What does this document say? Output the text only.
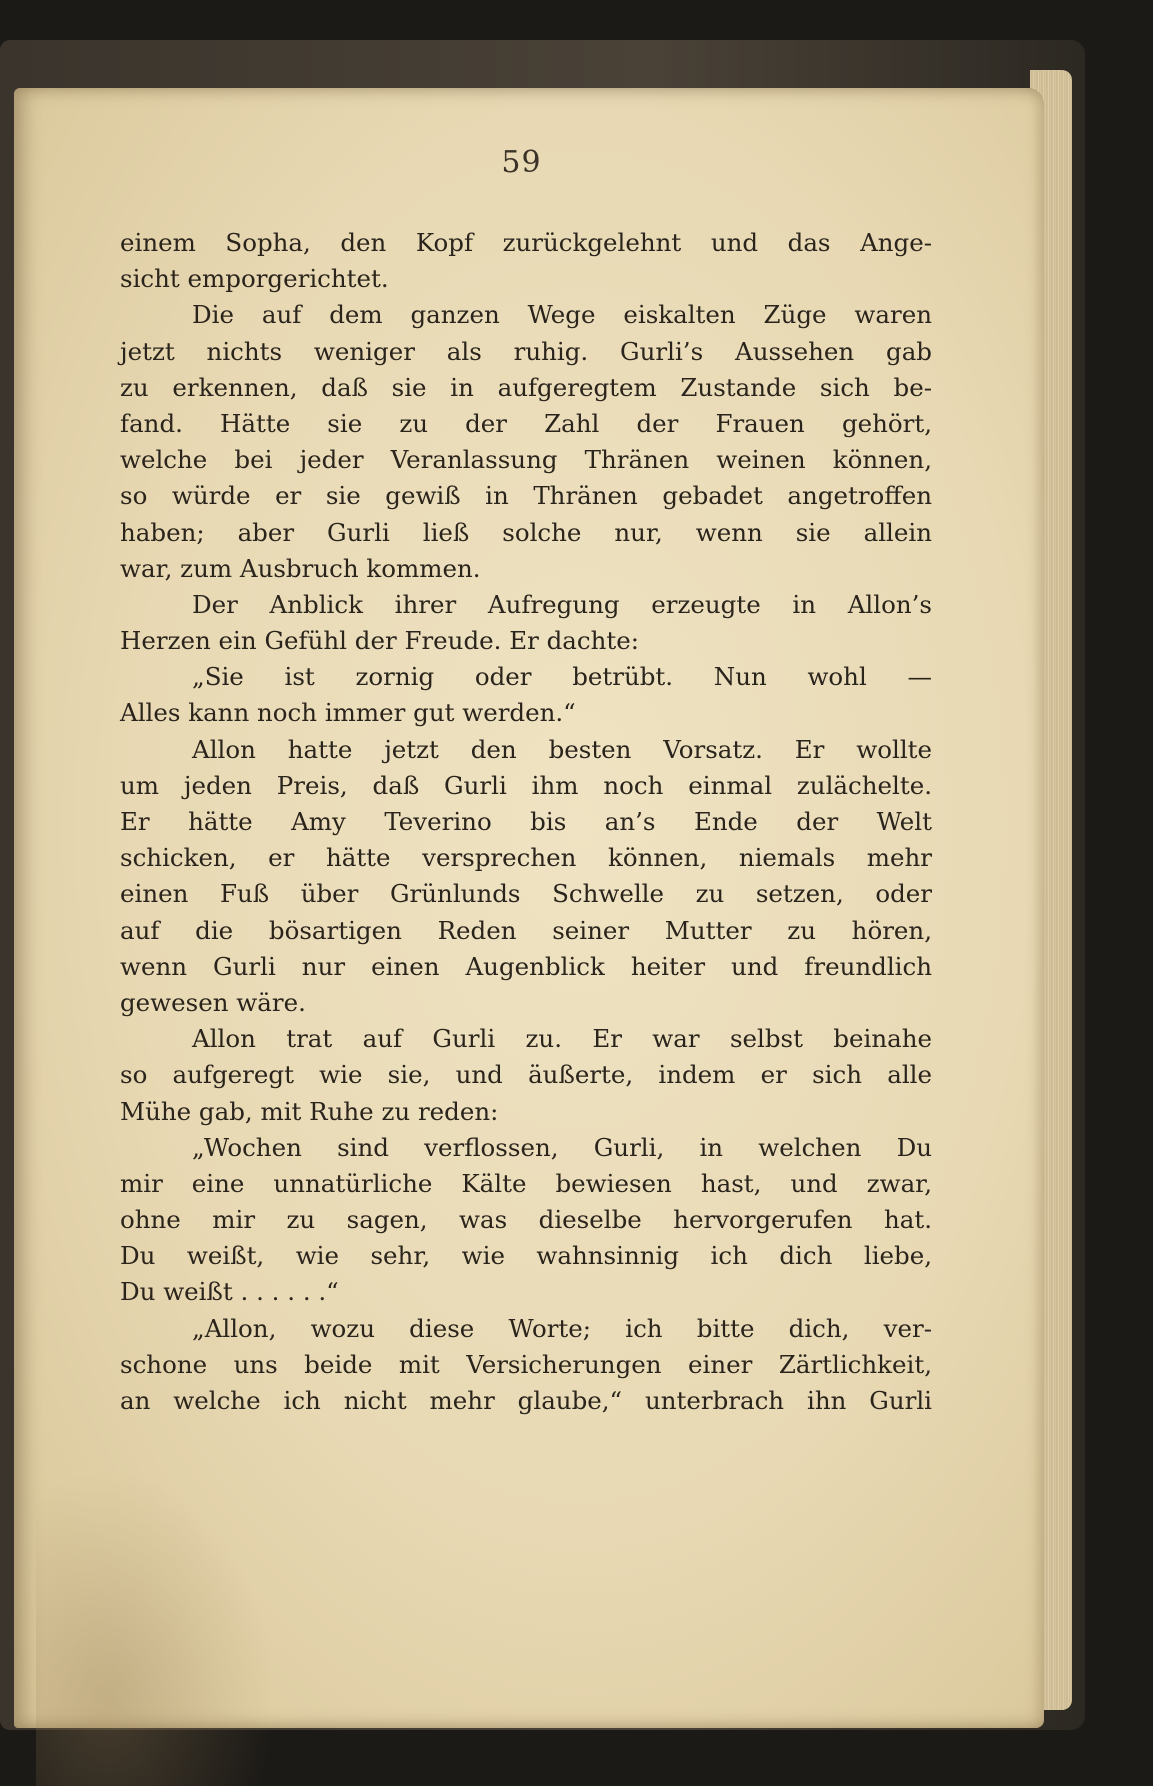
59
einem Sopha, den Kopf zurückgelehnt und das Ange-
sicht emporgerichtet.
Die auf dem ganzen Wege eiskalten Züge waren
jetzt nichts weniger als ruhig. Gurli’s Aussehen gab
zu erkennen, daß sie in aufgeregtem Zustande sich be-
fand. Hätte sie zu der Zahl der Frauen gehört,
welche bei jeder Veranlassung Thränen weinen können,
so würde er sie gewiß in Thränen gebadet angetroffen
haben; aber Gurli ließ solche nur, wenn sie allein
war, zum Ausbruch kommen.
Der Anblick ihrer Aufregung erzeugte in Allon’s
Herzen ein Gefühl der Freude. Er dachte:
„Sie ist zornig oder betrübt. Nun wohl —
Alles kann noch immer gut werden.“
Allon hatte jetzt den besten Vorsatz. Er wollte
um jeden Preis, daß Gurli ihm noch einmal zulächelte.
Er hätte Amy Teverino bis an’s Ende der Welt
schicken, er hätte versprechen können, niemals mehr
einen Fuß über Grünlunds Schwelle zu setzen, oder
auf die bösartigen Reden seiner Mutter zu hören,
wenn Gurli nur einen Augenblick heiter und freundlich
gewesen wäre.
Allon trat auf Gurli zu. Er war selbst beinahe
so aufgeregt wie sie, und äußerte, indem er sich alle
Mühe gab, mit Ruhe zu reden:
„Wochen sind verflossen, Gurli, in welchen Du
mir eine unnatürliche Kälte bewiesen hast, und zwar,
ohne mir zu sagen, was dieselbe hervorgerufen hat.
Du weißt, wie sehr, wie wahnsinnig ich dich liebe,
Du weißt . . . . . .“
„Allon, wozu diese Worte; ich bitte dich, ver-
schone uns beide mit Versicherungen einer Zärtlichkeit,
an welche ich nicht mehr glaube,“ unterbrach ihn Gurli
